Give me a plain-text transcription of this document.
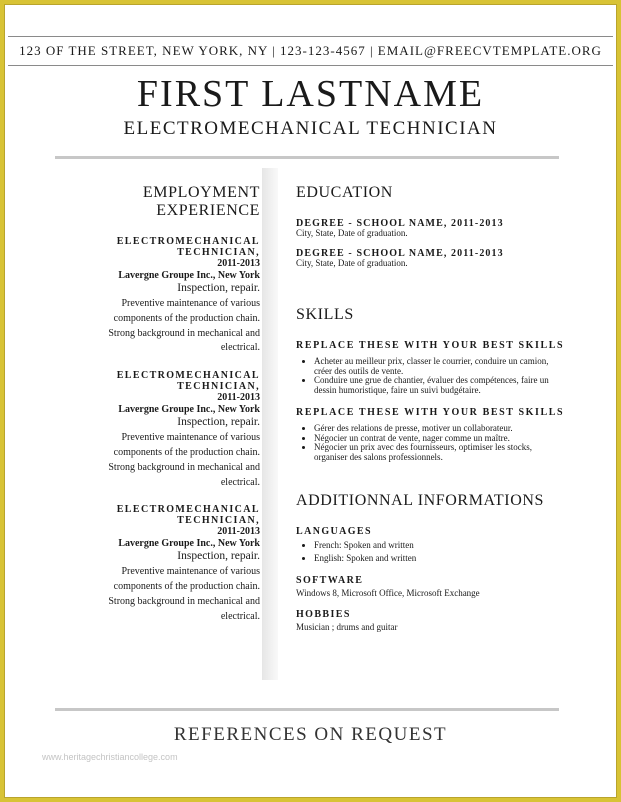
123 OF THE STREET, NEW YORK, NY | 123-123-4567 | EMAIL@FREECVTEMPLATE.ORG
FIRST LASTNAME
ELECTROMECHANICAL TECHNICIAN
EMPLOYMENT EXPERIENCE
ELECTROMECHANICAL
TECHNICIAN,
2011-2013
Lavergne Groupe Inc., New York
Inspection, repair.
Preventive maintenance of various
components of the production chain.
Strong background in mechanical and
electrical.
ELECTROMECHANICAL
TECHNICIAN,
2011-2013
Lavergne Groupe Inc., New York
Inspection, repair.
Preventive maintenance of various
components of the production chain.
Strong background in mechanical and
electrical.
ELECTROMECHANICAL
TECHNICIAN,
2011-2013
Lavergne Groupe Inc., New York
Inspection, repair.
Preventive maintenance of various
components of the production chain.
Strong background in mechanical and
electrical.
EDUCATION
DEGREE - SCHOOL NAME, 2011-2013
City, State, Date of graduation.
DEGREE - SCHOOL NAME, 2011-2013
City, State, Date of graduation.
SKILLS
REPLACE THESE WITH YOUR BEST SKILLS
• Acheter au meilleur prix, classer le courrier, conduire un camion, créer des outils de vente.
• Conduire une grue de chantier, évaluer des compétences, faire un dessin humoristique, faire un suivi budgétaire.
REPLACE THESE WITH YOUR BEST SKILLS
• Gérer des relations de presse, motiver un collaborateur.
• Négocier un contrat de vente, nager comme un maître.
• Négocier un prix avec des fournisseurs, optimiser les stocks, organiser des salons professionnels.
ADDITIONNAL INFORMATIONS
LANGUAGES
• French: Spoken and written
• English: Spoken and written
SOFTWARE
Windows 8, Microsoft Office, Microsoft Exchange
HOBBIES
Musician ; drums and guitar
REFERENCES ON REQUEST
www.heritagechristiancollege.com
